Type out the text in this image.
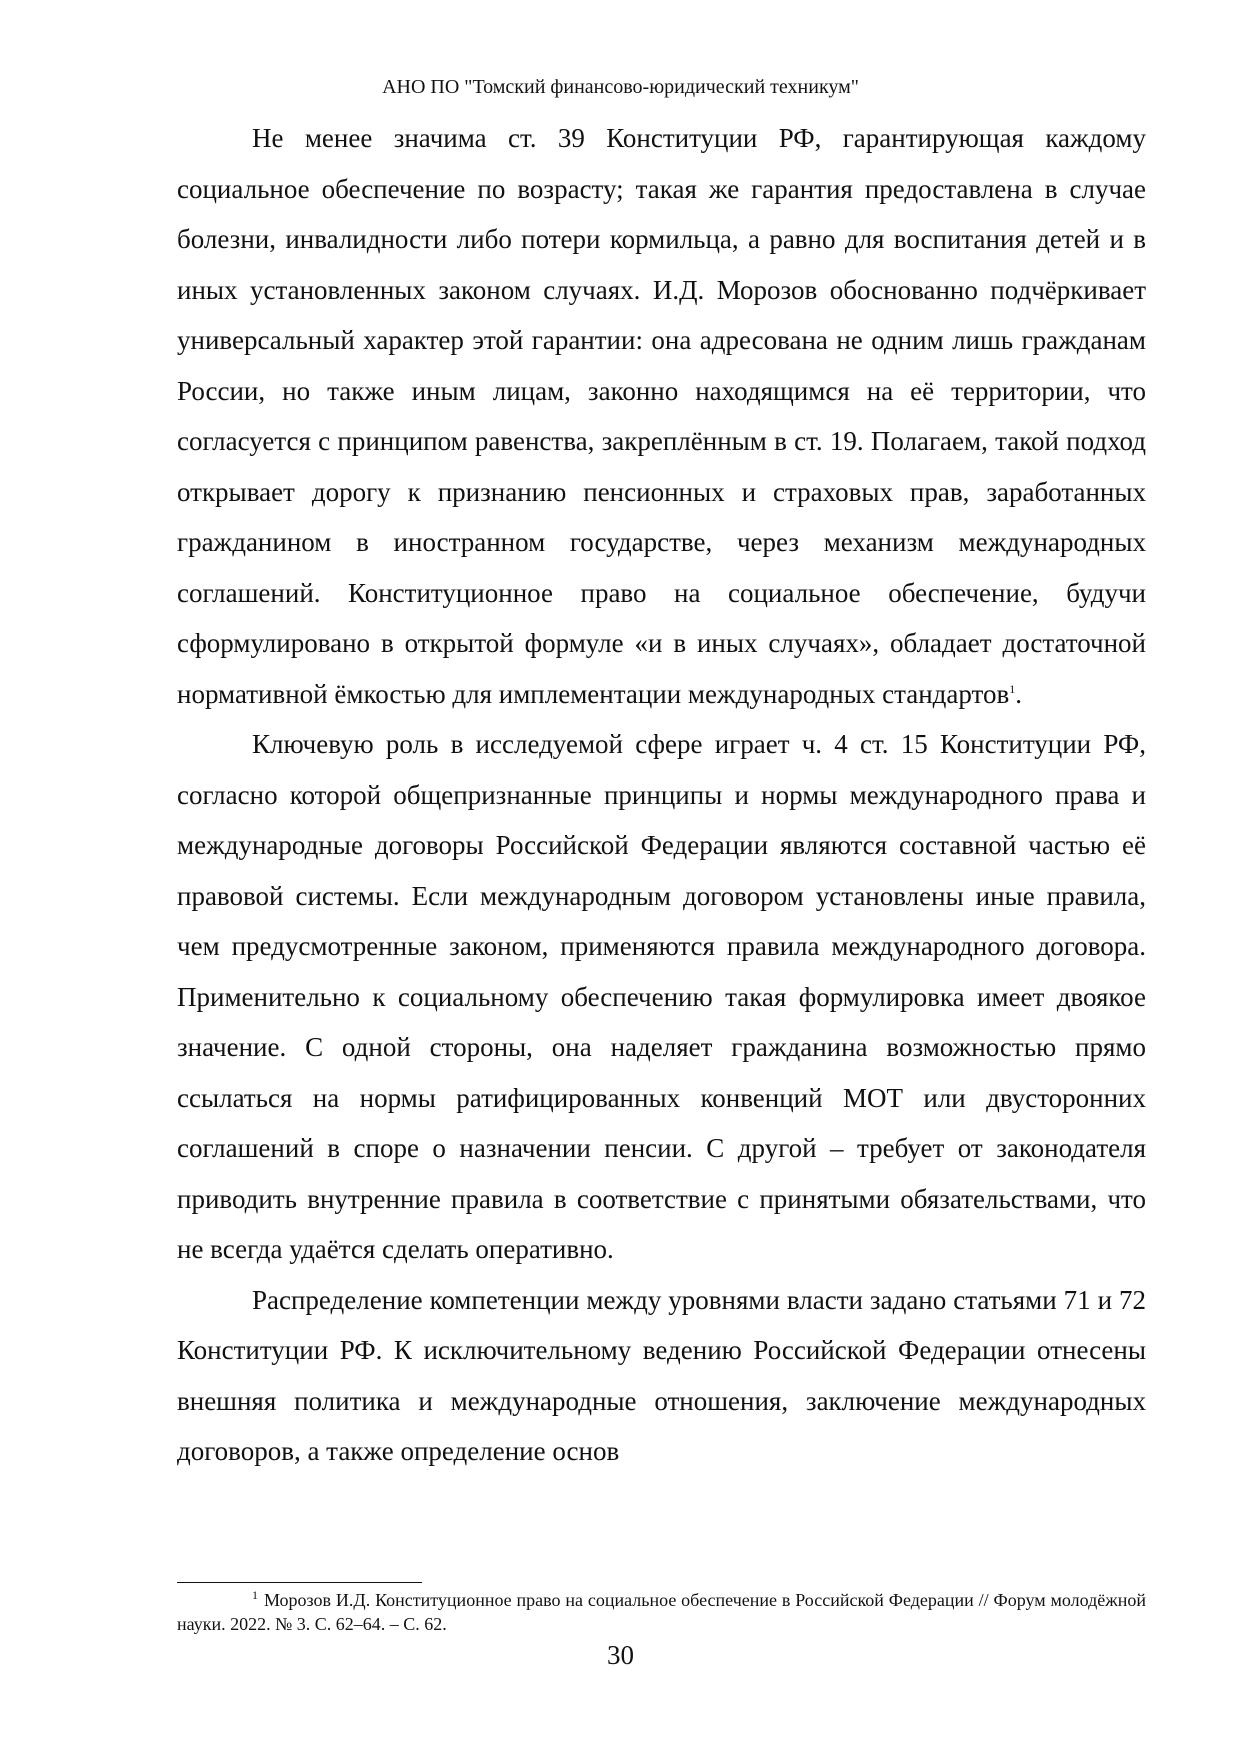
АНО ПО "Томский финансово-юридический техникум"

Не менее значима ст. 39 Конституции РФ, гарантирующая каждому социальное обеспечение по возрасту; такая же гарантия предоставлена в случае болезни, инвалидности либо потери кормильца, а равно для воспитания детей и в иных установленных законом случаях. И.Д. Морозов обоснованно подчёркивает универсальный характер этой гарантии: она адресована не одним лишь гражданам России, но также иным лицам, законно находящимся на её территории, что согласуется с принципом равенства, закреплённым в ст. 19. Полагаем, такой подход открывает дорогу к признанию пенсионных и страховых прав, заработанных гражданином в иностранном государстве, через механизм международных соглашений. Конституционное право на социальное обеспечение, будучи сформулировано в открытой формуле «и в иных случаях», обладает достаточной нормативной ёмкостью для имплементации международных стандартов$^1$.

Ключевую роль в исследуемой сфере играет ч. 4 ст. 15 Конституции РФ, согласно которой общепризнанные принципы и нормы международного права и международные договоры Российской Федерации являются составной частью её правовой системы. Если международным договором установлены иные правила, чем предусмотренные законом, применяются правила международного договора. Применительно к социальному обеспечению такая формулировка имеет двоякое значение. С одной стороны, она наделяет гражданина возможностью прямо ссылаться на нормы ратифицированных конвенций МОТ или двусторонних соглашений в споре о назначении пенсии. С другой – требует от законодателя приводить внутренние правила в соответствие с принятыми обязательствами, что не всегда удаётся сделать оперативно.

Распределение компетенции между уровнями власти задано статьями 71 и 72 Конституции РФ. К исключительному ведению Российской Федерации отнесены внешняя политика и международные отношения, заключение международных договоров, а также определение основ

$^1$ Морозов И.Д. Конституционное право на социальное обеспечение в Российской Федерации // Форум молодёжной науки. 2022. № 3. С. 62–64. – С. 62.
30
